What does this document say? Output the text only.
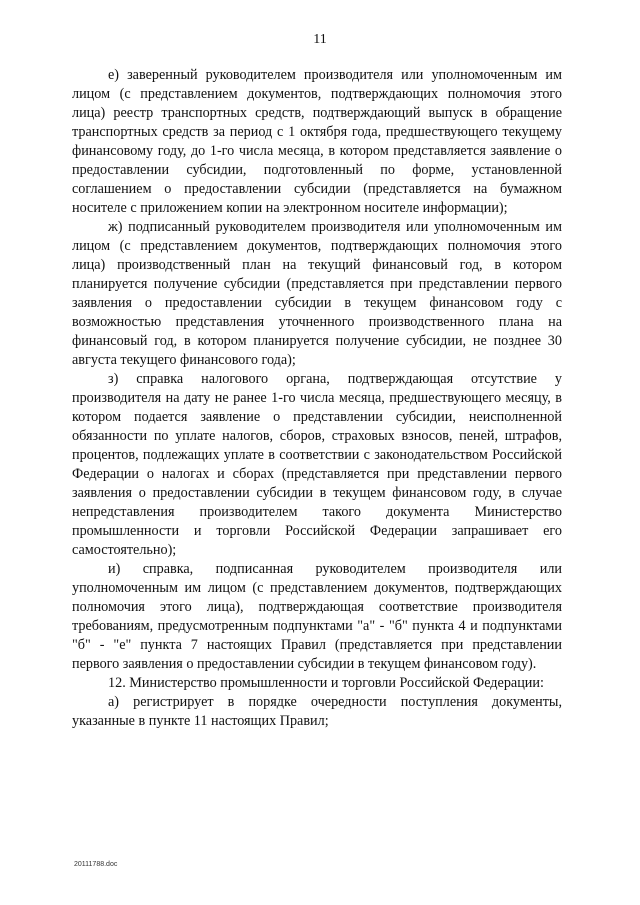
11

е) заверенный руководителем производителя или уполномоченным им лицом (с представлением документов, подтверждающих полномочия этого лица) реестр транспортных средств, подтверждающий выпуск в обращение транспортных средств за период с 1 октября года, предшествующего текущему финансовому году, до 1-го числа месяца, в котором представляется заявление о предоставлении субсидии, подготовленный по форме, установленной соглашением о предоставлении субсидии (представляется на бумажном носителе с приложением копии на электронном носителе информации);

ж) подписанный руководителем производителя или уполномоченным им лицом (с представлением документов, подтверждающих полномочия этого лица) производственный план на текущий финансовый год, в котором планируется получение субсидии (представляется при представлении первого заявления о предоставлении субсидии в текущем финансовом году с возможностью представления уточненного производственного плана на финансовый год, в котором планируется получение субсидии, не позднее 30 августа текущего финансового года);

з) справка налогового органа, подтверждающая отсутствие у производителя на дату не ранее 1-го числа месяца, предшествующего месяцу, в котором подается заявление о представлении субсидии, неисполненной обязанности по уплате налогов, сборов, страховых взносов, пеней, штрафов, процентов, подлежащих уплате в соответствии с законодательством Российской Федерации о налогах и сборах (представляется при представлении первого заявления о предоставлении субсидии в текущем финансовом году, в случае непредставления производителем такого документа Министерство промышленности и торговли Российской Федерации запрашивает его самостоятельно);

и) справка, подписанная руководителем производителя или уполномоченным им лицом (с представлением документов, подтверждающих полномочия этого лица), подтверждающая соответствие производителя требованиям, предусмотренным подпунктами "а" - "б" пункта 4 и подпунктами "б" - "е" пункта 7 настоящих Правил (представляется при представлении первого заявления о предоставлении субсидии в текущем финансовом году).

12. Министерство промышленности и торговли Российской Федерации:

а) регистрирует в порядке очередности поступления документы, указанные в пункте 11 настоящих Правил;

20111788.doc
